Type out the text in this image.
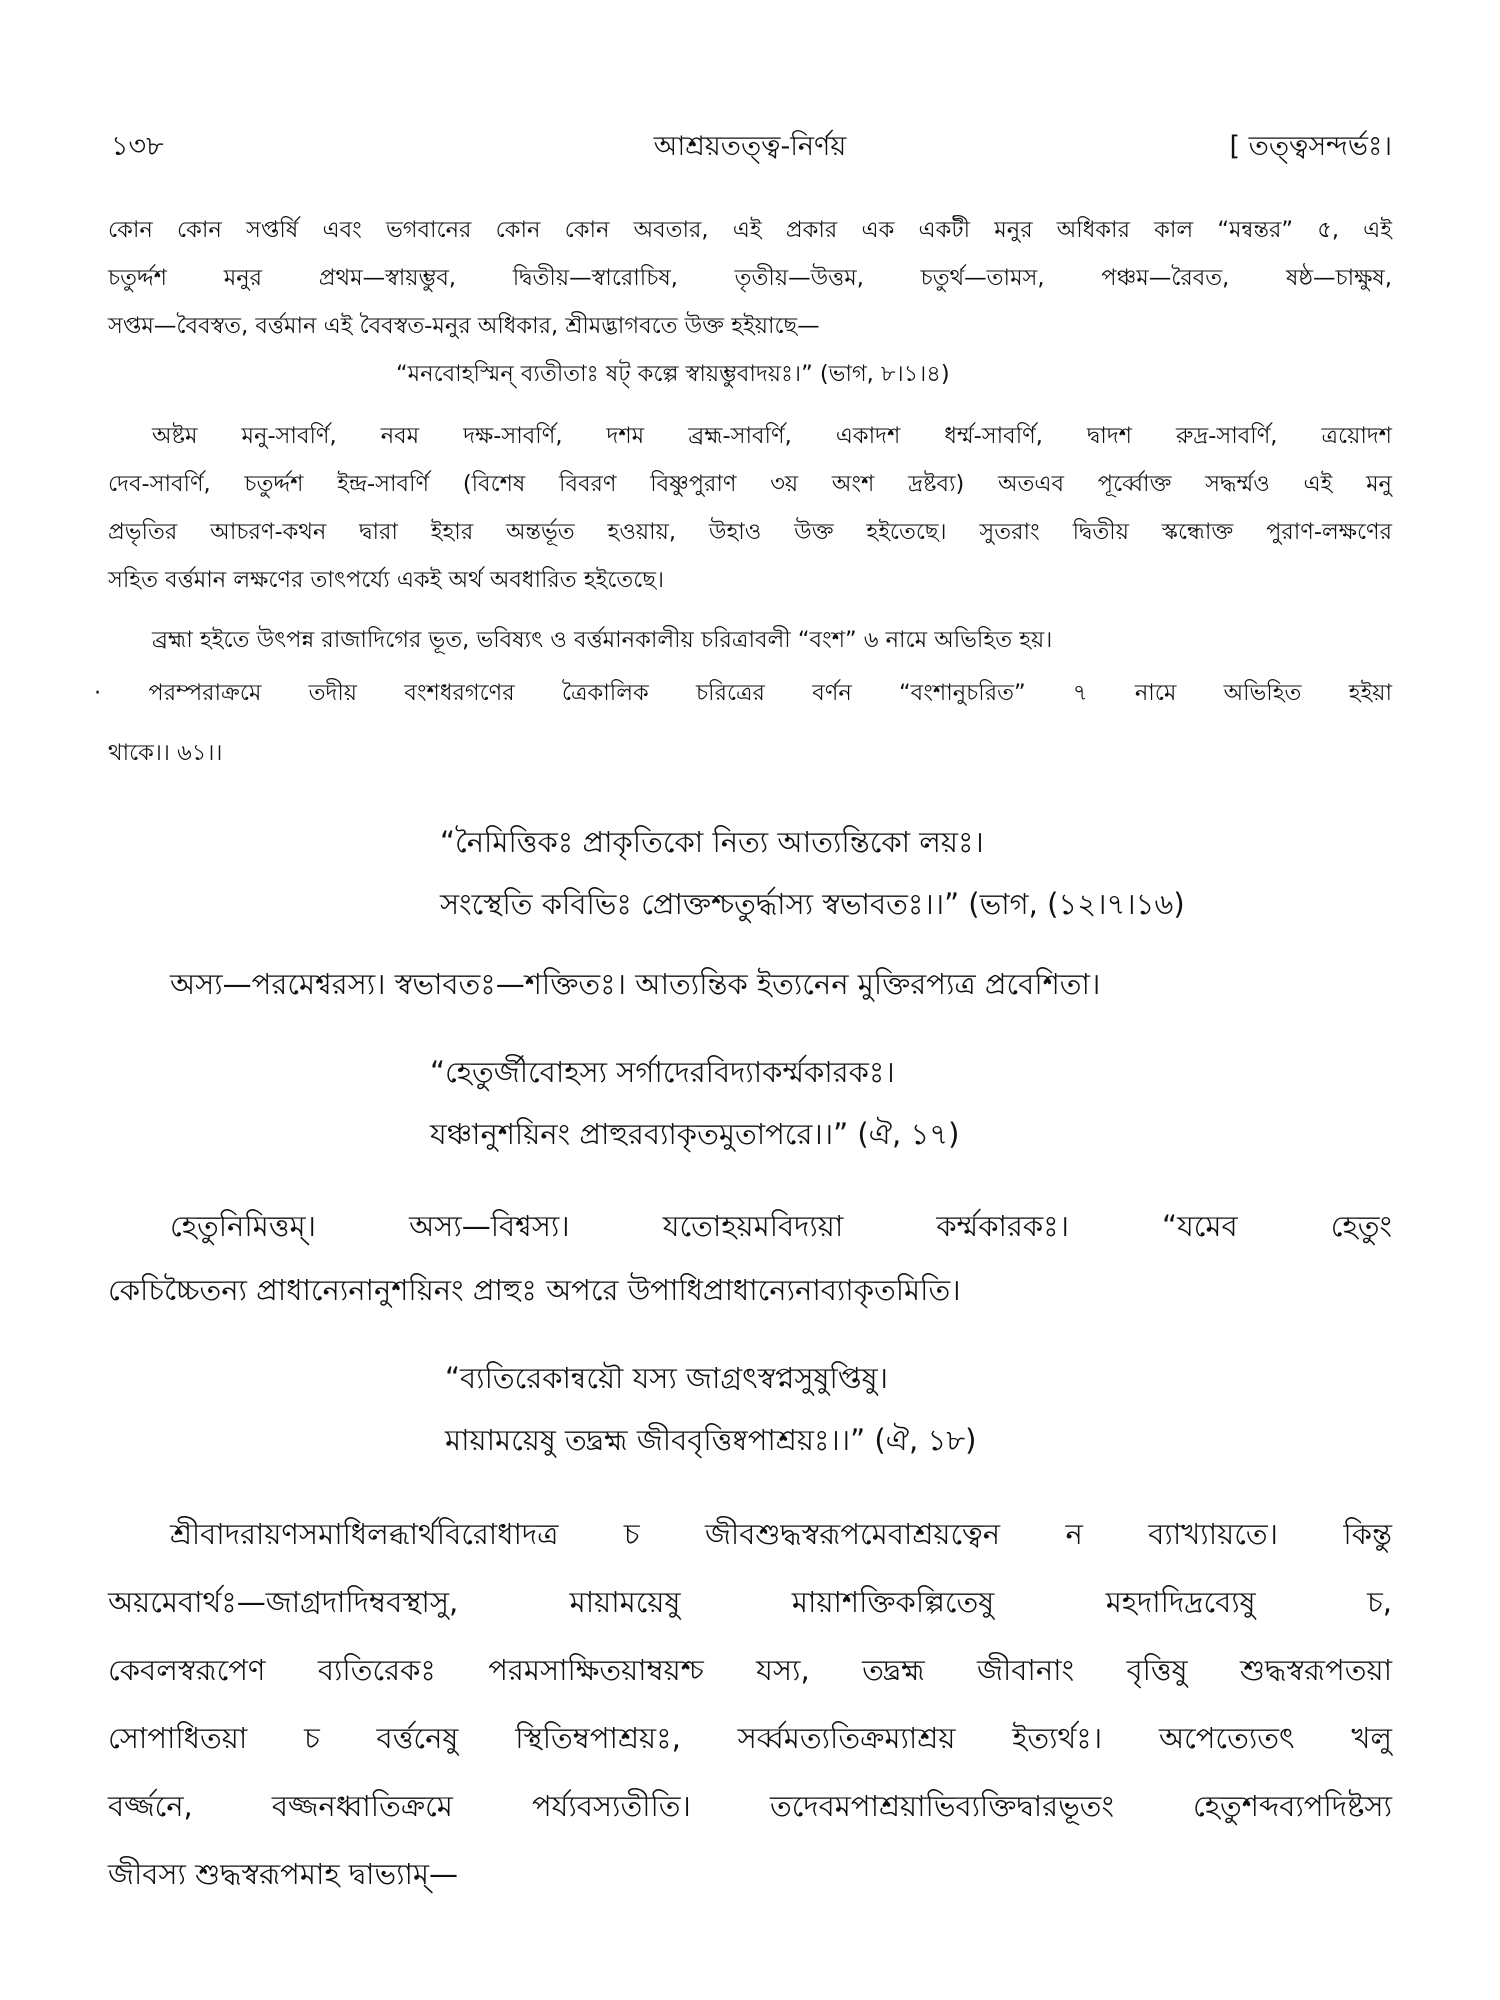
১৩৮	আশ্রয়তত্ত্ব-নির্ণয়	[ তত্ত্বসন্দর্ভঃ।
কোন কোন সপ্তর্ষি এবং ভগবানের কোন কোন অবতার, এই প্রকার এক একটী মনুর অধিকার কাল “মন্বন্তর” ৫, এই
চতুর্দ্দশ মনুর প্রথম—স্বায়ম্ভুব, দ্বিতীয়—স্বারোচিষ, তৃতীয়—উত্তম, চতুর্থ—তামস, পঞ্চম—রৈবত, ষষ্ঠ—চাক্ষুষ,
সপ্তম—বৈবস্বত, বর্ত্তমান এই বৈবস্বত-মনুর অধিকার, শ্রীমদ্ভাগবতে উক্ত হইয়াছে—
“মনবোহস্মিন্ ব্যতীতাঃ ষট্ কল্পে স্বায়ম্ভুবাদয়ঃ।” (ভাগ, ৮।১।৪)
অষ্টম মনু-সাবর্ণি, নবম দক্ষ-সাবর্ণি, দশম ব্রহ্ম-সাবর্ণি, একাদশ ধর্ম্ম-সাবর্ণি, দ্বাদশ রুদ্র-সাবর্ণি, ত্রয়োদশ
দেব-সাবর্ণি, চতুর্দ্দশ ইন্দ্র-সাবর্ণি (বিশেষ বিবরণ বিষ্ণুপুরাণ ৩য় অংশ দ্রষ্টব্য) অতএব পূর্ব্বোক্ত সদ্ধর্ম্মও এই মনু
প্রভৃতির আচরণ-কথন দ্বারা ইহার অন্তর্ভূত হওয়ায়, উহাও উক্ত হইতেছে। সুতরাং দ্বিতীয় স্কন্ধোক্ত পুরাণ-লক্ষণের
সহিত বর্ত্তমান লক্ষণের তাৎপর্য্যে একই অর্থ অবধারিত হইতেছে।
ব্রহ্মা হইতে উৎপন্ন রাজাদিগের ভূত, ভবিষ্যৎ ও বর্ত্তমানকালীয় চরিত্রাবলী “বংশ” ৬ নামে অভিহিত হয়।
· পরম্পরাক্রমে তদীয় বংশধরগণের ত্রৈকালিক চরিত্রের বর্ণন “বংশানুচরিত” ৭ নামে অভিহিত হইয়া
থাকে।। ৬১।।
“নৈমিত্তিকঃ প্রাকৃতিকো নিত্য আত্যন্তিকো লয়ঃ।
সংস্থেতি কবিভিঃ প্রোক্তশ্চতুর্দ্ধাস্য স্বভাবতঃ।।” (ভাগ, (১২।৭।১৬)
অস্য—পরমেশ্বরস্য। স্বভাবতঃ—শক্তিতঃ। আত্যন্তিক ইত্যনেন মুক্তিরপ্যত্র প্রবেশিতা।
“হেতুর্জীবোহস্য সর্গাদেরবিদ্যাকর্ম্মকারকঃ।
যঞ্চানুশয়িনং প্রাহুরব্যাকৃতমুতাপরে।।” (ঐ, ১৭)
হেতুনিমিত্তম্। অস্য—বিশ্বস্য। যতোহয়মবিদ্যয়া কর্ম্মকারকঃ। “যমেব হেতুং
কেচিচ্চৈতন্য প্রাধান্যেনানুশয়িনং প্রাহুঃ অপরে উপাধিপ্রাধান্যেনাব্যাকৃতমিতি।
“ব্যতিরেকান্বয়ৌ যস্য জাগ্রৎস্বপ্নসুষুপ্তিষু।
মায়াময়েষু তদ্ব্রহ্ম জীববৃত্তিষ্বপাশ্রয়ঃ।।” (ঐ, ১৮)
শ্রীবাদরায়ণসমাধিলব্ধার্থবিরোধাদত্র চ জীবশুদ্ধস্বরূপমেবাশ্রয়ত্বেন ন ব্যাখ্যায়তে। কিন্তু
অয়মেবার্থঃ—জাগ্রদাদিম্ববস্থাসু, মায়াময়েষু মায়াশক্তিকল্পিতেষু মহদাদিদ্রব্যেষু চ,
কেবলস্বরূপেণ ব্যতিরেকঃ পরমসাক্ষিতয়াম্বয়শ্চ যস্য, তদ্ব্রহ্ম জীবানাং বৃত্তিষু শুদ্ধস্বরূপতয়া
সোপাধিতয়া চ বর্ত্তনেষু স্থিতিম্বপাশ্রয়ঃ, সর্ব্বমত্যতিক্রম্যাশ্রয় ইত্যর্থঃ। অপেত্যেতৎ খলু
বর্জ্জনে, বজ্জনধ্বাতিক্রমে পর্য্যবস্যতীতি। তদেবমপাশ্রয়াভিব্যক্তিদ্বারভূতং হেতুশব্দব্যপদিষ্টস্য
জীবস্য শুদ্ধস্বরূপমাহ দ্বাভ্যাম্—
